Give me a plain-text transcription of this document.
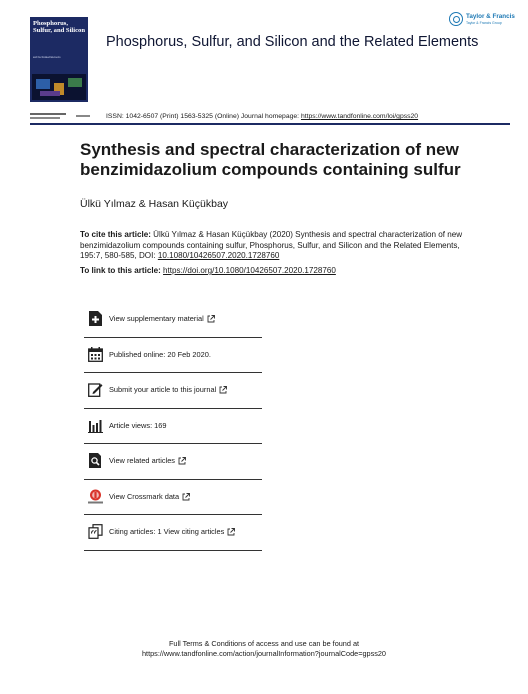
Phosphorus, Sulfur, and Silicon
and the Related Elements
Phosphorus, Sulfur, and Silicon and the Related Elements
Taylor & Francis
Taylor & Francis Group
ISSN: 1042-6507 (Print) 1563-5325 (Online) Journal homepage: https://www.tandfonline.com/loi/gpss20
Synthesis and spectral characterization of new benzimidazolium compounds containing sulfur
Ülkü Yılmaz & Hasan Küçükbay
To cite this article: Ülkü Yılmaz & Hasan Küçükbay (2020) Synthesis and spectral characterization of new benzimidazolium compounds containing sulfur, Phosphorus, Sulfur, and Silicon and the Related Elements, 195:7, 580-585, DOI: 10.1080/10426507.2020.1728760
To link to this article: https://doi.org/10.1080/10426507.2020.1728760
View supplementary material
Published online: 20 Feb 2020.
Submit your article to this journal
Article views: 169
View related articles
View Crossmark data
Citing articles: 1 View citing articles
Full Terms & Conditions of access and use can be found at
https://www.tandfonline.com/action/journalInformation?journalCode=gpss20
